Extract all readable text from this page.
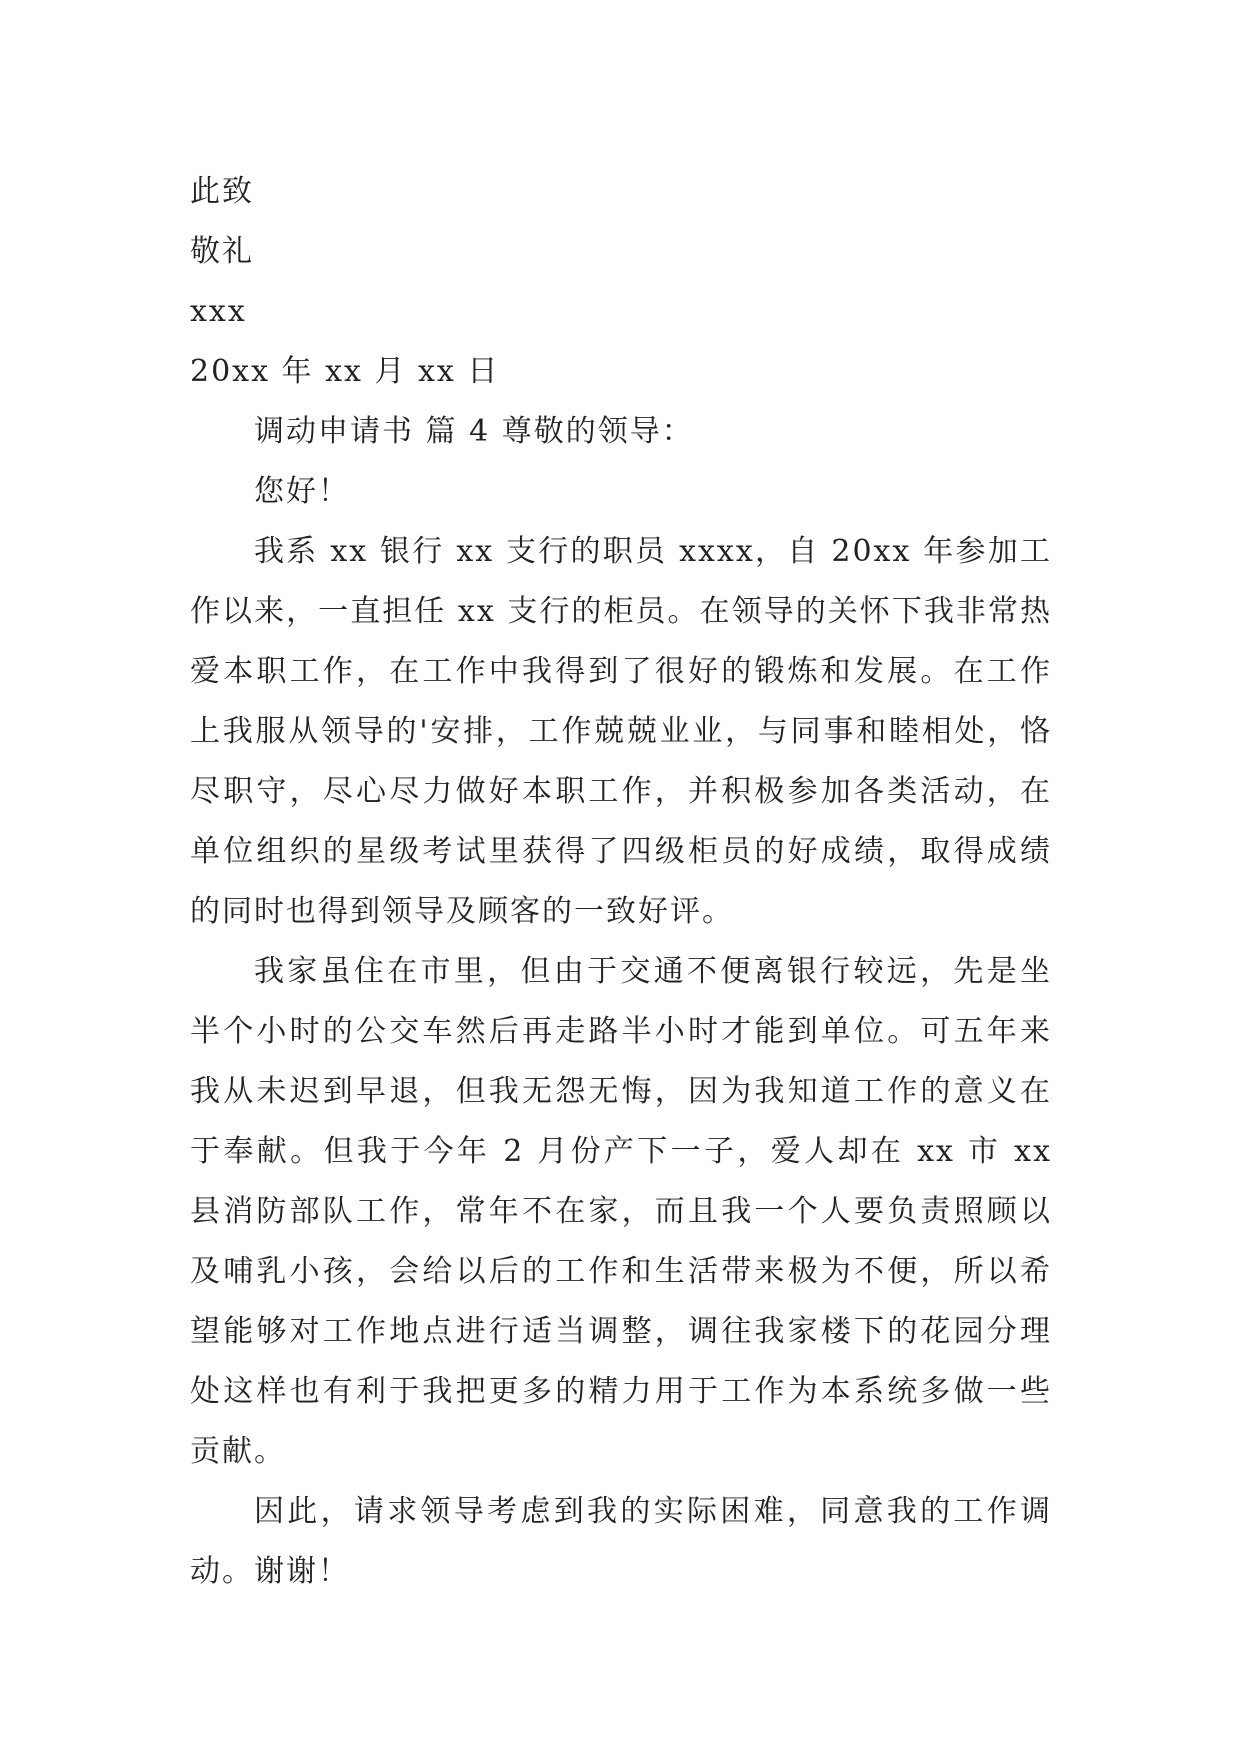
此致
敬礼
xxx
20xx 年 xx 月 xx 日

调动申请书 篇 4 尊敬的领导：

您好！

我系 xx 银行 xx 支行的职员 xxxx，自 20xx 年参加工作以来，一直担任 xx 支行的柜员。在领导的关怀下我非常热爱本职工作，在工作中我得到了很好的锻炼和发展。在工作上我服从领导的'安排，工作兢兢业业，与同事和睦相处，恪尽职守，尽心尽力做好本职工作，并积极参加各类活动，在单位组织的星级考试里获得了四级柜员的好成绩，取得成绩的同时也得到领导及顾客的一致好评。

我家虽住在市里，但由于交通不便离银行较远，先是坐半个小时的公交车然后再走路半小时才能到单位。可五年来我从未迟到早退，但我无怨无悔，因为我知道工作的意义在于奉献。但我于今年 2 月份产下一子，爱人却在 xx 市 xx 县消防部队工作，常年不在家，而且我一个人要负责照顾以及哺乳小孩，会给以后的工作和生活带来极为不便，所以希望能够对工作地点进行适当调整，调往我家楼下的花园分理处这样也有利于我把更多的精力用于工作为本系统多做一些贡献。

因此，请求领导考虑到我的实际困难，同意我的工作调动。谢谢！
